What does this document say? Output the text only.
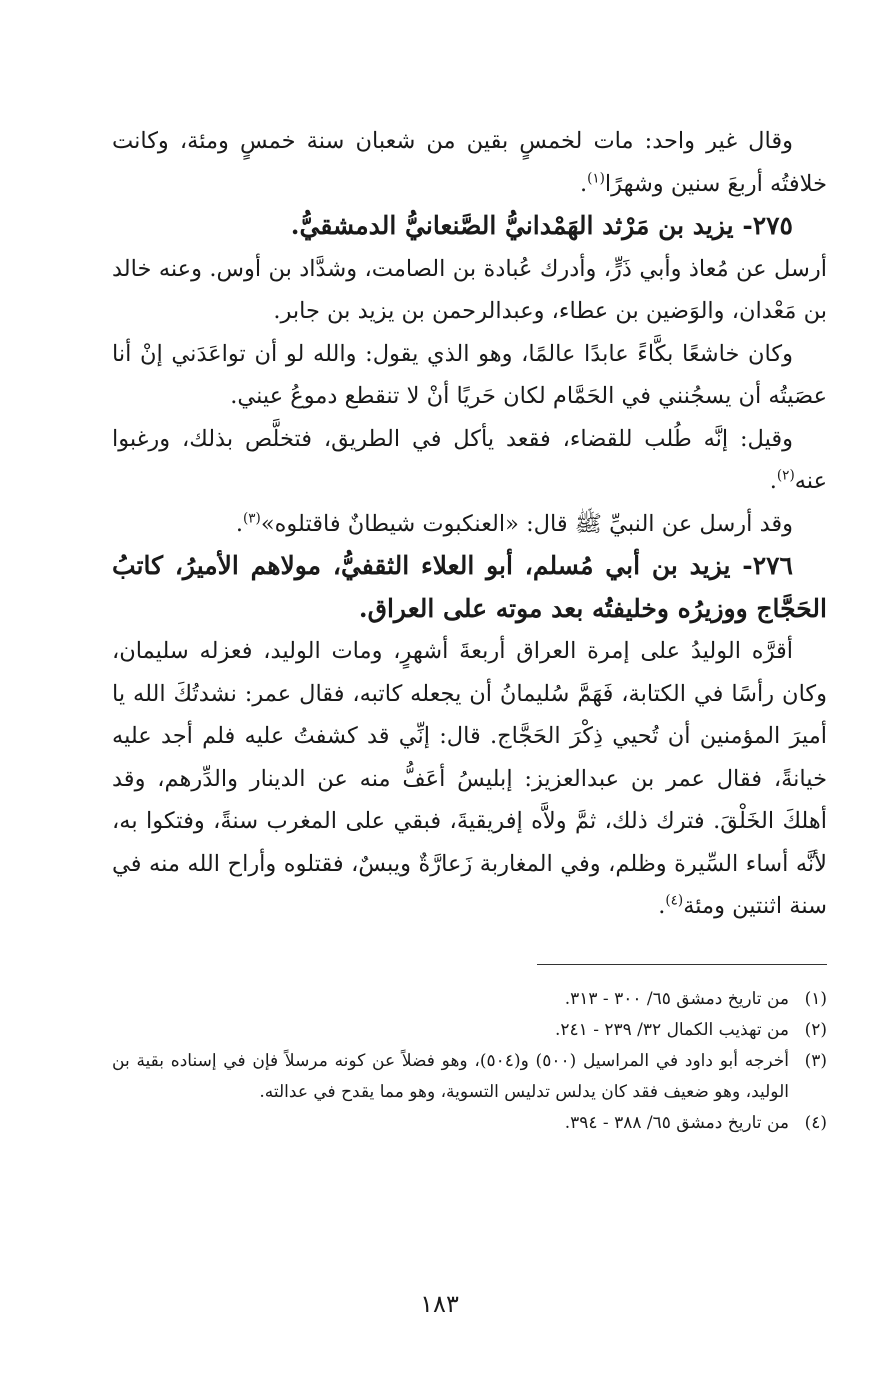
وقال غير واحد: مات لخمسٍ بقين من شعبان سنة خمسٍ ومئة، وكانت خلافتُه أربعَ سنين وشهرًا$^{(١)}$.

٢٧٥- يزيد بن مَرْثد الهَمْدانيُّ الصَّنعانيُّ الدمشقيُّ.

أرسل عن مُعاذ وأبي ذَرٍّ، وأدرك عُبادة بن الصامت، وشدَّاد بن أوس. وعنه خالد بن مَعْدان، والوَضين بن عطاء، وعبدالرحمن بن يزيد بن جابر.

وكان خاشعًا بكَّاءً عابدًا عالمًا، وهو الذي يقول: والله لو أن تواعَدَني إنْ أنا عصَيتُه أن يسجُنني في الحَمَّام لكان حَريًا أنْ لا تنقطع دموعُ عيني.

وقيل: إنَّه طُلب للقضاء، فقعد يأكل في الطريق، فتخلَّص بذلك، ورغبوا عنه$^{(٢)}$.

وقد أرسل عن النبيِّ ﷺ قال: «العنكبوت شيطانٌ فاقتلوه»$^{(٣)}$.

٢٧٦- يزيد بن أبي مُسلم، أبو العلاء الثقفيُّ، مولاهم الأميرُ، كاتبُ الحَجَّاج ووزيرُه وخليفتُه بعد موته على العراق.

أقرَّه الوليدُ على إمرة العراق أربعةَ أشهرٍ، ومات الوليد، فعزله سليمان، وكان رأسًا في الكتابة، فَهَمَّ سُليمانُ أن يجعله كاتبه، فقال عمر: نشدتُكَ الله يا أميرَ المؤمنين أن تُحيي ذِكْرَ الحَجَّاج. قال: إنِّي قد كشفتُ عليه فلم أجد عليه خيانةً، فقال عمر بن عبدالعزيز: إبليسُ أعَفُّ منه عن الدينار والدِّرهم، وقد أهلكَ الخَلْقَ. فترك ذلك، ثمَّ ولاَّه إفريقيةَ، فبقي على المغرب سنةً، وفتكوا به، لأنَّه أساء السِّيرة وظلم، وفي المغاربة زَعارَّةٌ ويبسٌ، فقتلوه وأراح الله منه في سنة اثنتين ومئة$^{(٤)}$.

(١)
من تاريخ دمشق ٦٥/ ٣٠٠ - ٣١٣.
(٢)
من تهذيب الكمال ٣٢/ ٢٣٩ - ٢٤١.
(٣)
أخرجه أبو داود في المراسيل (٥٠٠) و(٥٠٤)، وهو فضلاً عن كونه مرسلاً فإن في إسناده بقية بن الوليد، وهو ضعيف فقد كان يدلس تدليس التسوية، وهو مما يقدح في عدالته.
(٤)
من تاريخ دمشق ٦٥/ ٣٨٨ - ٣٩٤.
١٨٣
